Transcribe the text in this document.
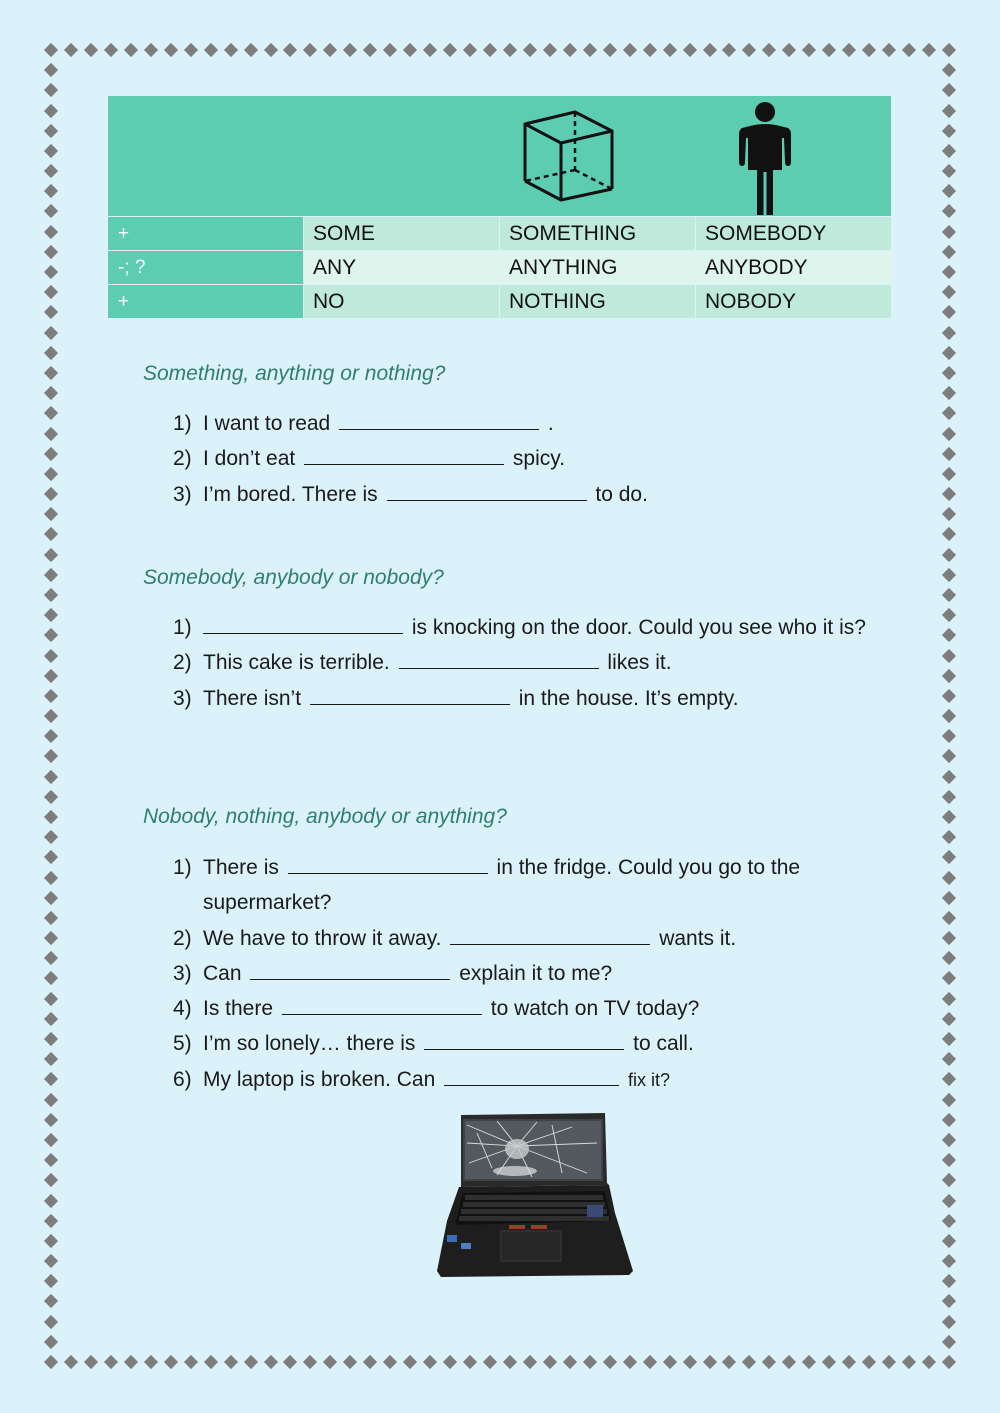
+	SOME	SOMETHING	SOMEBODY
-; ?	ANY	ANYTHING	ANYBODY
+	NO	NOTHING	NOBODY
Something, anything or nothing?
1) I want to read	.
2) I don’t eat	spicy.
3) I’m bored. There is	to do.
Somebody, anybody or nobody?
1)	is knocking on the door. Could you see who it is?
2) This cake is terrible.	likes it.
3) There isn’t	in the house. It’s empty.
Nobody, nothing, anybody or anything?
1) There is	in the fridge. Could you go to the supermarket?
2) We have to throw it away.	wants it.
3) Can	explain it to me?
4) Is there	to watch on TV today?
5) I’m so lonely… there is	to call.
6) My laptop is broken. Can	fix it?
